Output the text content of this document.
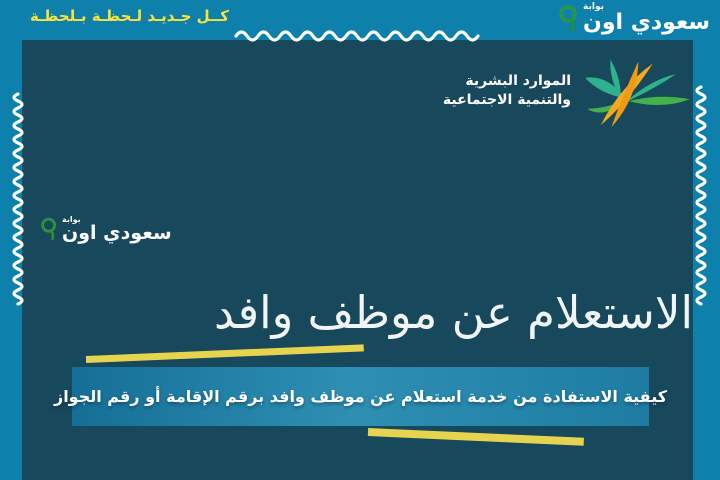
كــل جـديـد لـحظـة بـلحظـة	بوابة
سعودي اون
الموارد البشرية
والتنمية الاجتماعية
بوابة
سعودي اون
الاستعلام عن موظف وافد
كيفية الاستفادة من خدمة استعلام عن موظف وافد برقم الإقامة أو رقم الجواز
